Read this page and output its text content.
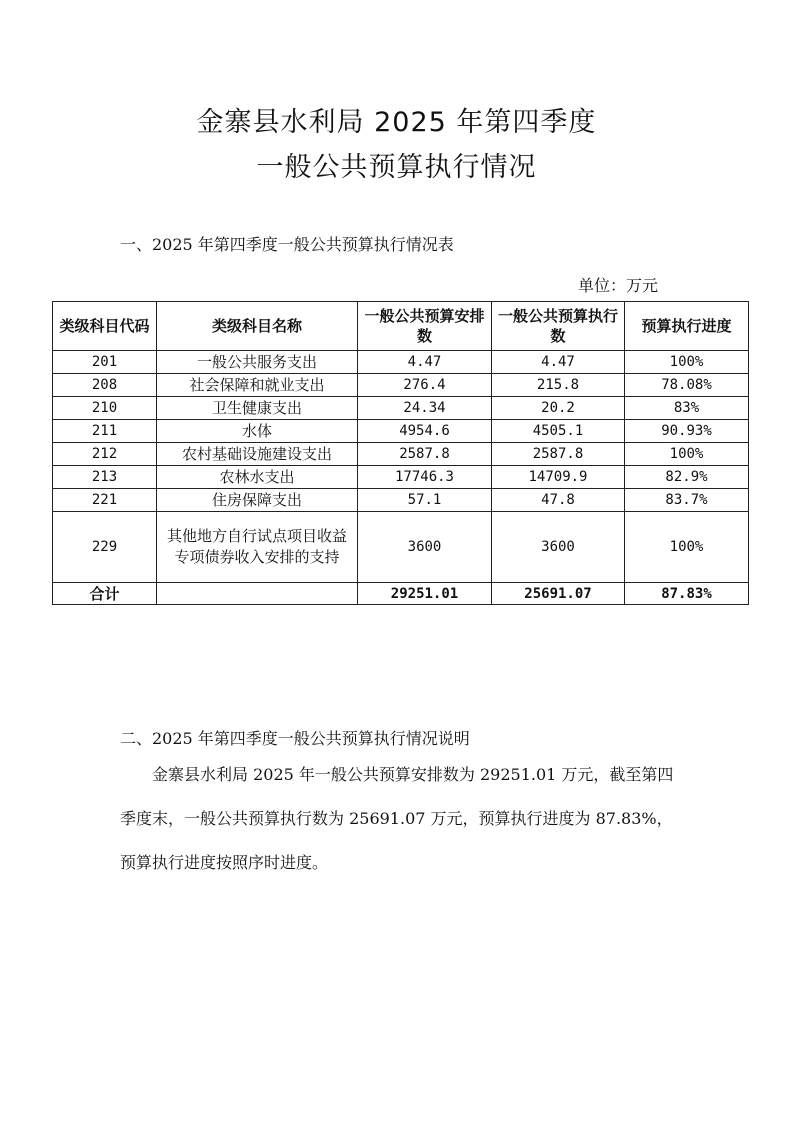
金寨县水利局 2025 年第四季度
一般公共预算执行情况
一、2025 年第四季度一般公共预算执行情况表
单位：万元
类级科目代码	类级科目名称	一般公共预算安排数	一般公共预算执行数	预算执行进度
201	一般公共服务支出	4.47	4.47	100%
208	社会保障和就业支出	276.4	215.8	78.08%
210	卫生健康支出	24.34	20.2	83%
211	水体	4954.6	4505.1	90.93%
212	农村基础设施建设支出	2587.8	2587.8	100%
213	农林水支出	17746.3	14709.9	82.9%
221	住房保障支出	57.1	47.8	83.7%
229	其他地方自行试点项目收益专项债券收入安排的支持	3600	3600	100%
合计		29251.01	25691.07	87.83%
二、2025 年第四季度一般公共预算执行情况说明
金寨县水利局 2025 年一般公共预算安排数为 29251.01 万元，截至第四季度末，一般公共预算执行数为 25691.07 万元，预算执行进度为 87.83%，预算执行进度按照序时进度。
